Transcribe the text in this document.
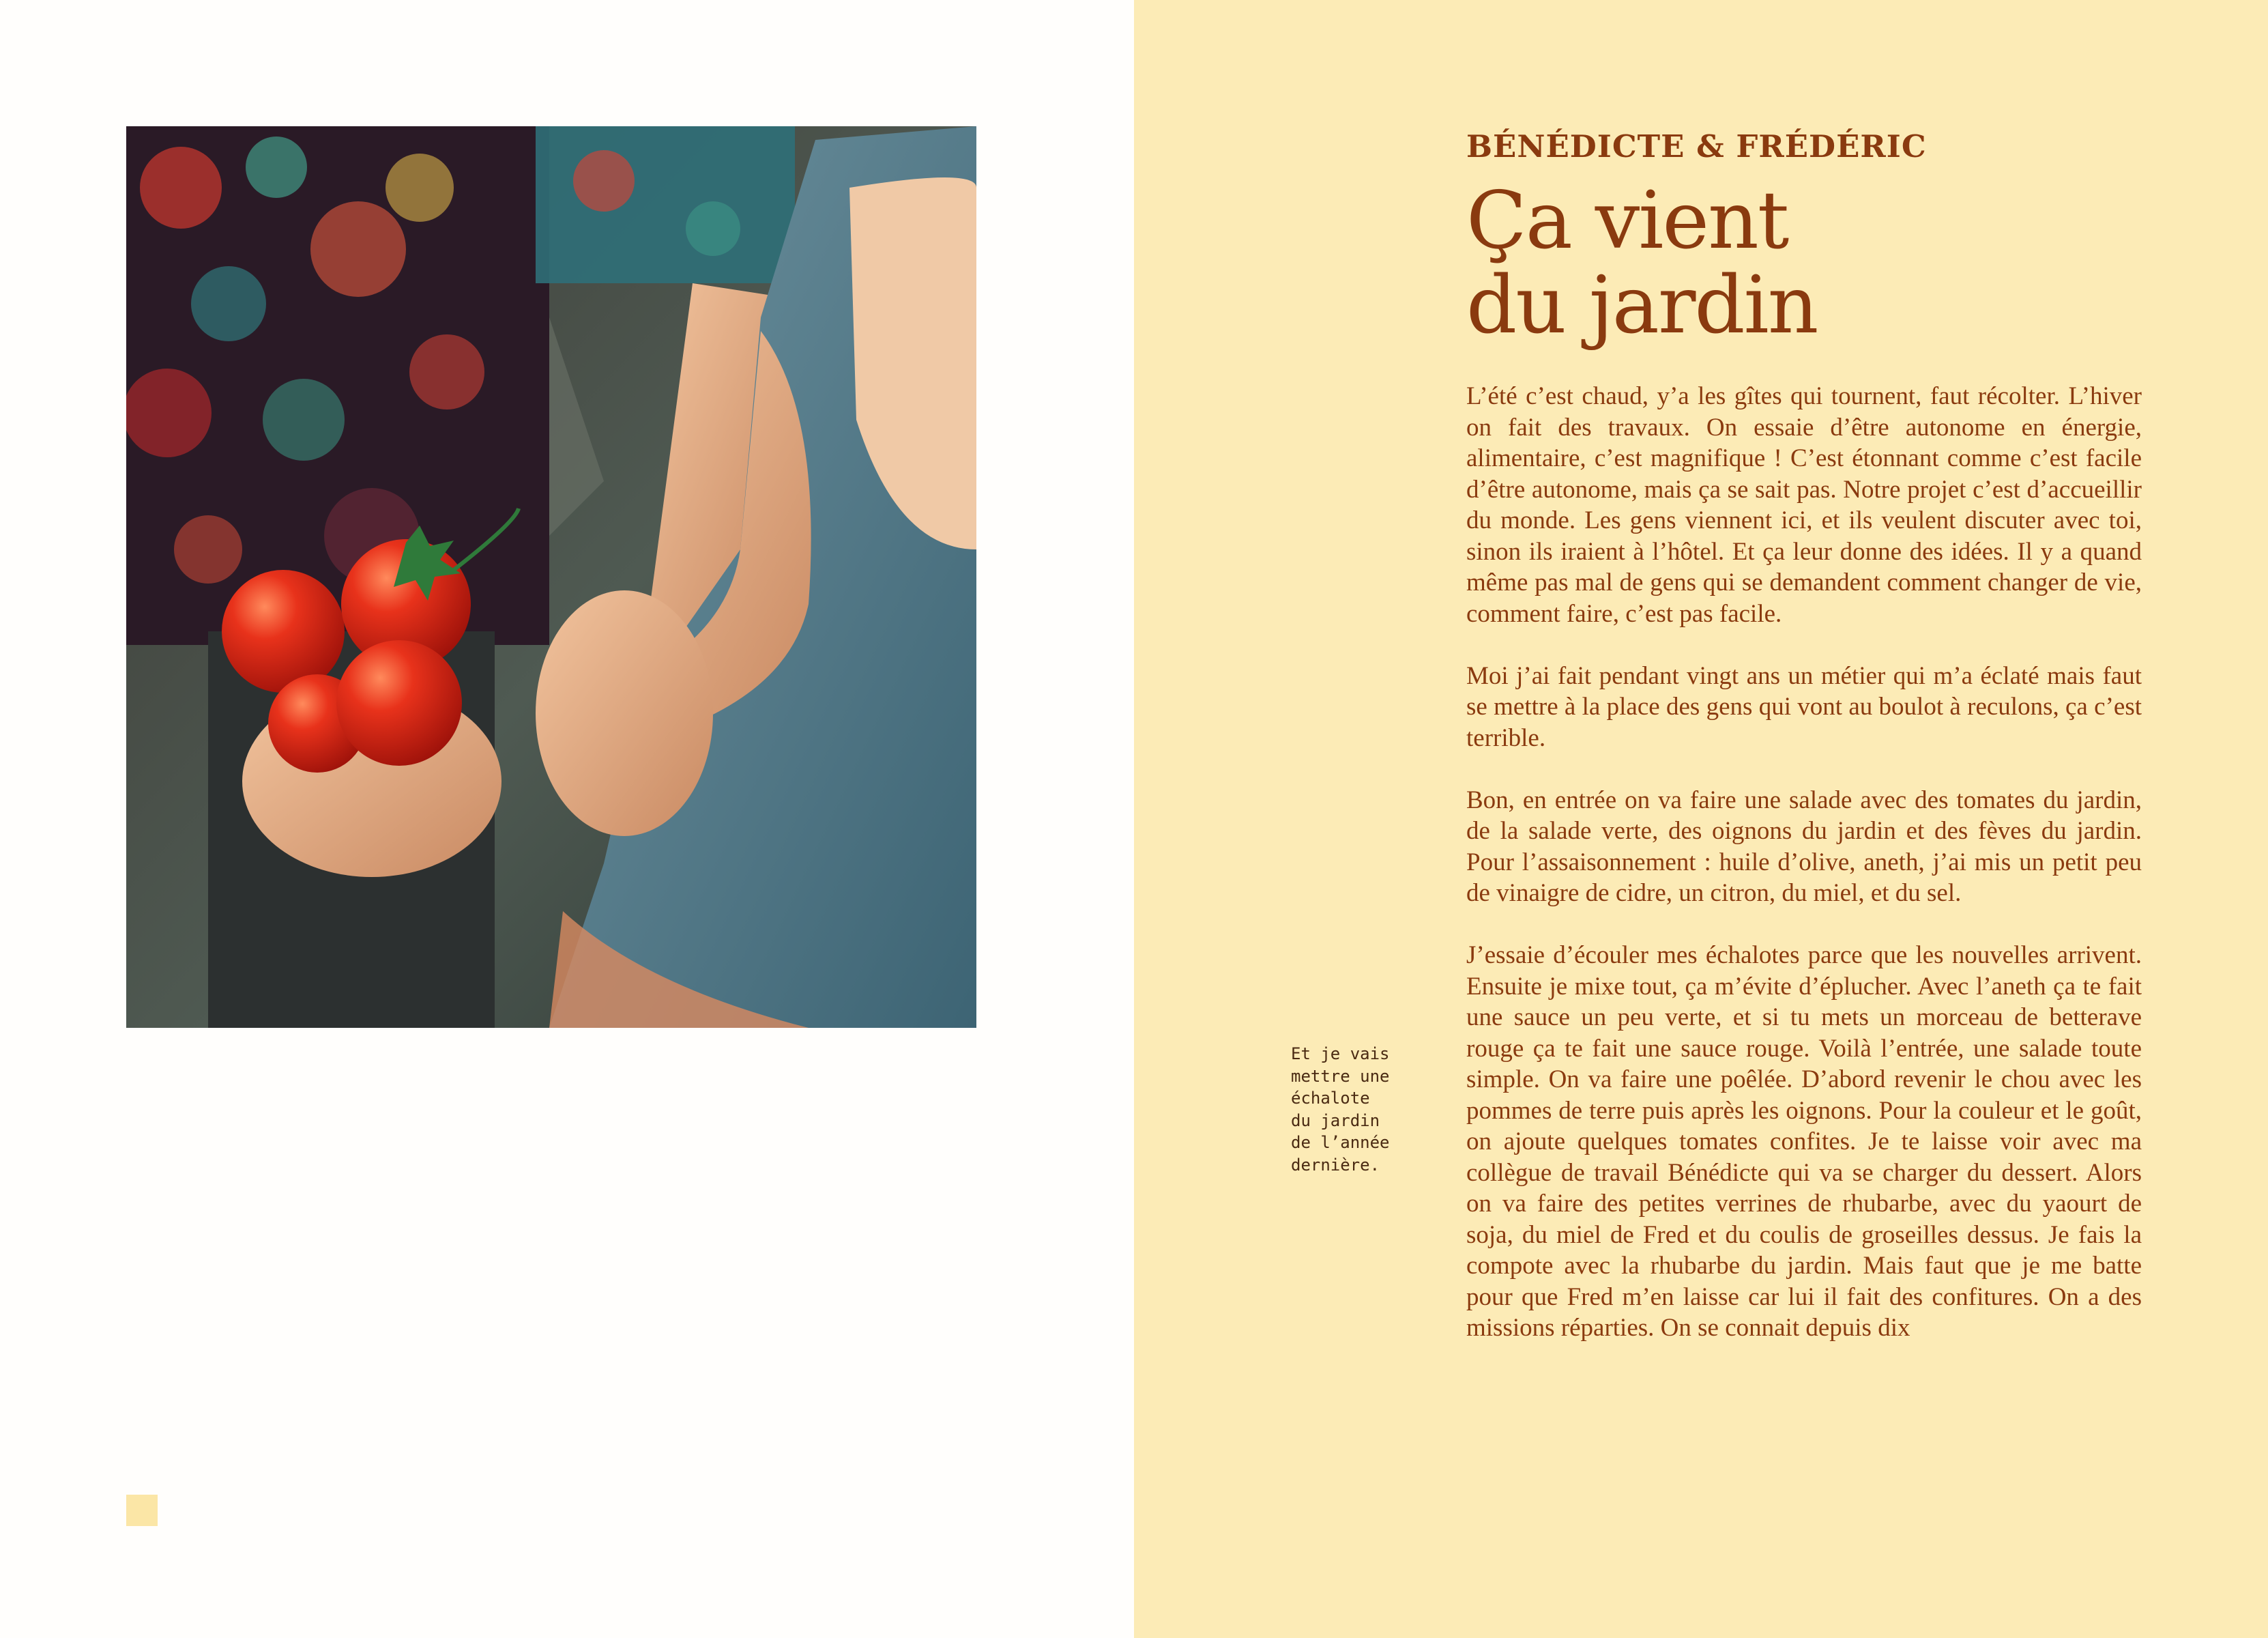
BÉNÉDICTE & FRÉDÉRIC
Ça vient
du jardin

L’été c’est chaud, y’a les gîtes qui tournent, faut récolter. L’hiver on fait des travaux. On essaie d’être autonome en énergie, alimentaire, c’est magnifique ! C’est étonnant comme c’est facile d’être autonome, mais ça se sait pas. Notre projet c’est d’accueillir du monde. Les gens viennent ici, et ils veulent discuter avec toi, sinon ils iraient à l’hôtel. Et ça leur donne des idées. Il y a quand même pas mal de gens qui se demandent comment changer de vie, comment faire, c’est pas facile.

Moi j’ai fait pendant vingt ans un métier qui m’a éclaté mais faut se mettre à la place des gens qui vont au boulot à reculons, ça c’est terrible.

Bon, en entrée on va faire une salade avec des tomates du jardin, de la salade verte, des oignons du jardin et des fèves du jardin. Pour l’assaisonnement : huile d’olive, aneth, j’ai mis un petit peu de vinaigre de cidre, un citron, du miel, et du sel.

J’essaie d’écouler mes échalotes parce que les nouvelles arrivent. Ensuite je mixe tout, ça m’évite d’éplucher. Avec l’aneth ça te fait une sauce un peu verte, et si tu mets un morceau de betterave rouge ça te fait une sauce rouge. Voilà l’entrée, une salade toute simple. On va faire une poêlée. D’abord revenir le chou avec les pommes de terre puis après les oignons. Pour la couleur et le goût, on ajoute quelques tomates confites. Je te laisse voir avec ma collègue de travail Bénédicte qui va se charger du dessert. Alors on va faire des petites verrines de rhubarbe, avec du yaourt de soja, du miel de Fred et du coulis de groseilles dessus. Je fais la compote avec la rhubarbe du jardin. Mais faut que je me batte pour que Fred m’en laisse car lui il fait des confitures. On a des missions réparties. On se connait depuis dix

Et je vais
mettre une
échalote
du jardin
de l’année
dernière.
